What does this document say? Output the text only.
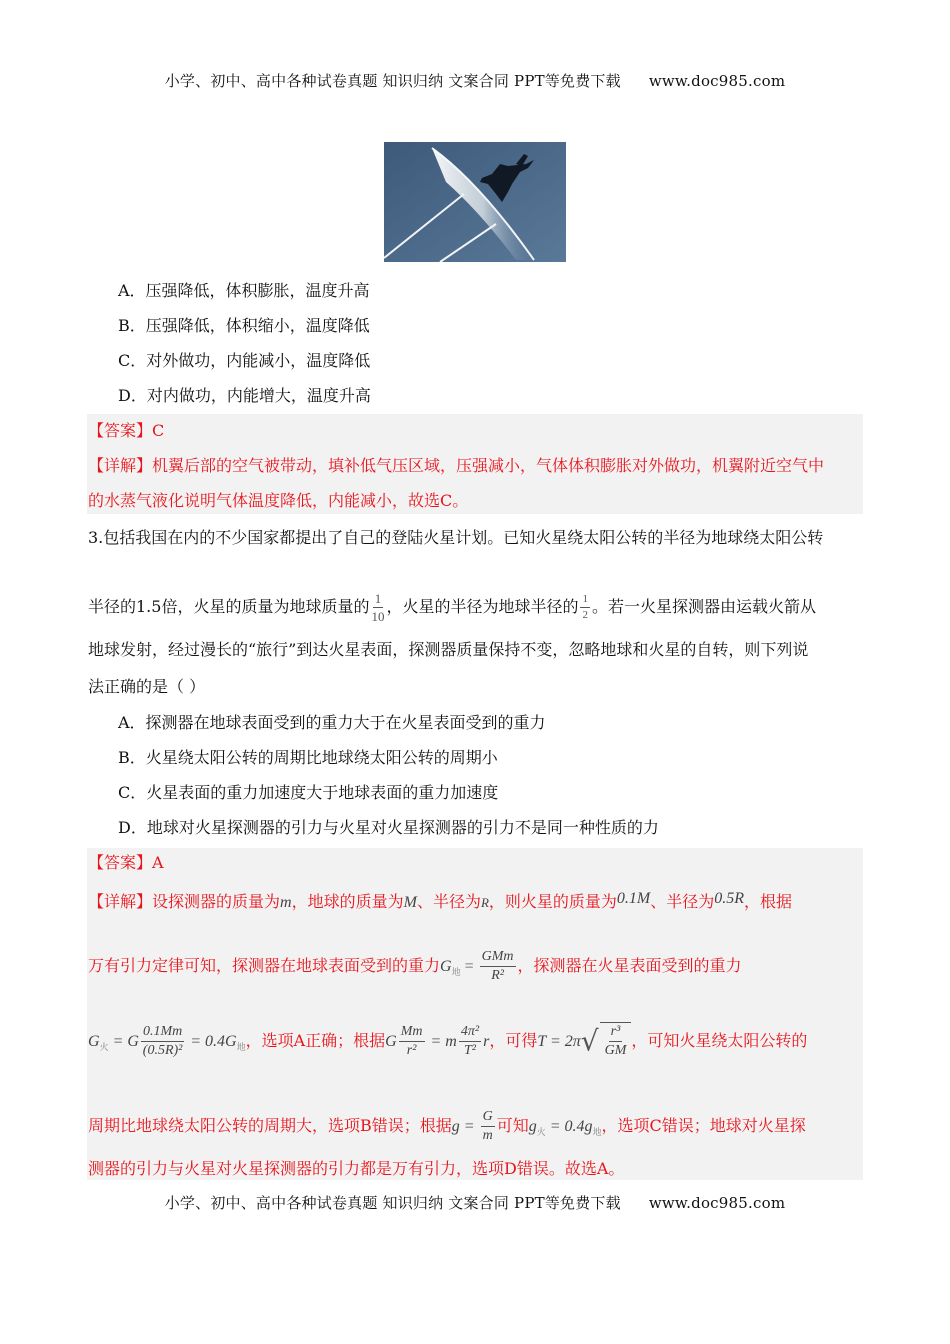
小学、初中、高中各种试卷真题 知识归纳 文案合同 PPT等免费下载 www.doc985.com
A．压强降低，体积膨胀，温度升高
B．压强降低，体积缩小，温度降低
C．对外做功，内能减小，温度降低
D．对内做功，内能增大，温度升高
【答案】C
【详解】机翼后部的空气被带动，填补低气压区域，压强减小，气体体积膨胀对外做功，机翼附近空气中
的水蒸气液化说明气体温度降低，内能减小，故选C。
3.包括我国在内的不少国家都提出了自己的登陆火星计划。已知火星绕太阳公转的半径为地球绕太阳公转
半径的1.5倍，火星的质量为地球质量的 $\frac{1}{10}$ ，火星的半径为地球半径的 $\frac{1}{2}$ 。若一火星探测器由运载火箭从
地球发射，经过漫长的“旅行”到达火星表面，探测器质量保持不变，忽略地球和火星的自转，则下列说
法正确的是（ ）
A．探测器在地球表面受到的重力大于在火星表面受到的重力
B．火星绕太阳公转的周期比地球绕太阳公转的周期小
C．火星表面的重力加速度大于地球表面的重力加速度
D．地球对火星探测器的引力与火星对火星探测器的引力不是同一种性质的力
【答案】A
【详解】设探测器的质量为m，地球的质量为M、半径为R，则火星的质量为0.1M、半径为0.5R，根据
万有引力定律可知，探测器在地球表面受到的重力$G_地 = \frac{\text{GMm}}{\text{R²}}$ ，探测器在火星表面受到的重力
$G_火 = G \frac{0.1Mm}{\text{(0.5R)²}} = 0.4G_地$，选项A正确；根据G $\frac{Mm}{\text{r²}} = m \frac{\text{4π²}}{\text{T²}}$ r，可得$T = 2\pi√ \frac{\text{r³}}{GM}$ ，可知火星绕太阳公转的
周期比地球绕太阳公转的周期大，选项B错误；根据$g = \frac{G}{m}$ 可知$g_火 = 0.4g_地$，选项C错误；地球对火星探
测器的引力与火星对火星探测器的引力都是万有引力，选项D错误。故选A。
小学、初中、高中各种试卷真题 知识归纳 文案合同 PPT等免费下载 www.doc985.com
